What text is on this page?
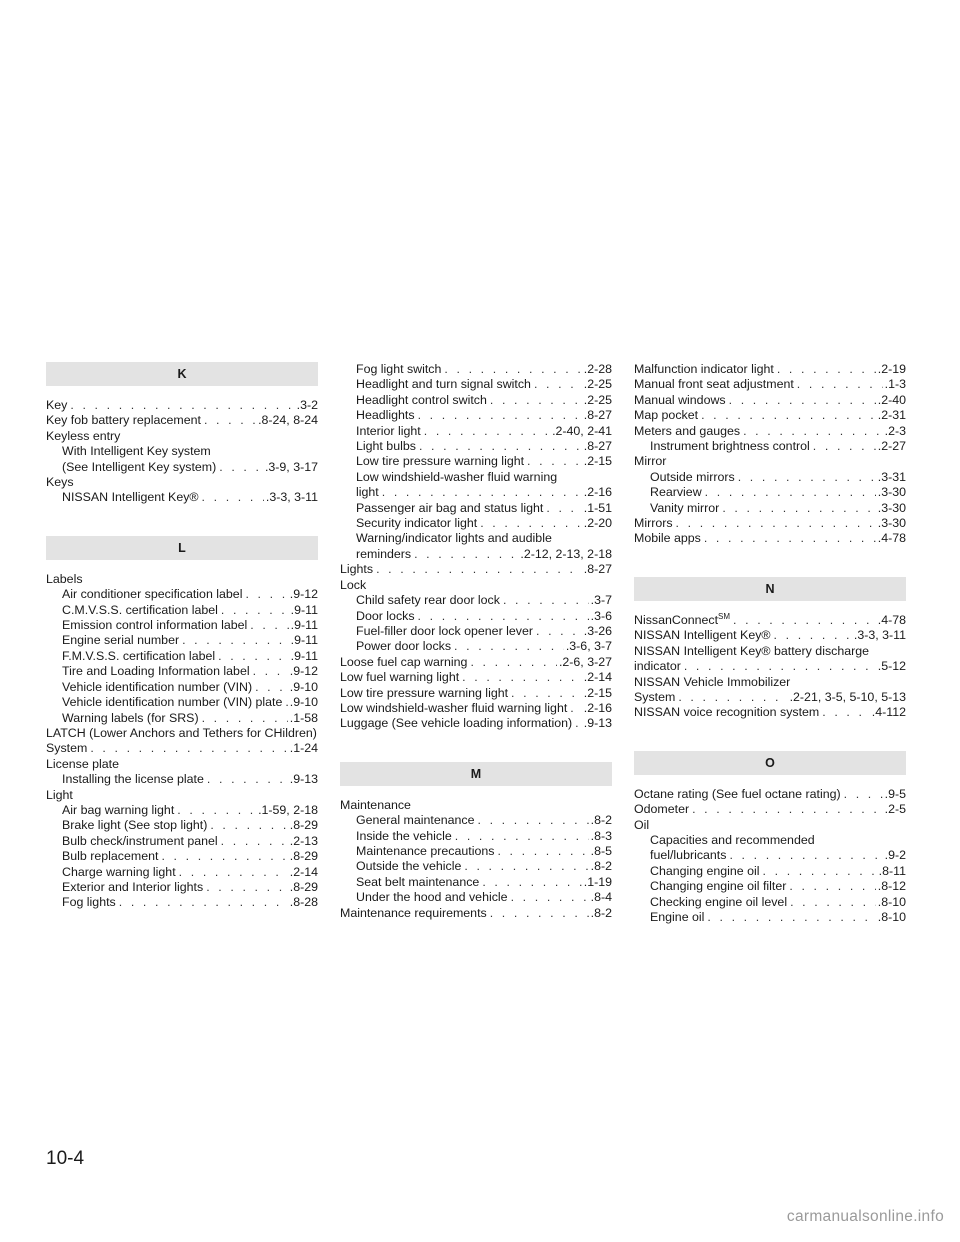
K
Key . . .	.3-2
Key fob battery replacement . . .	.8-24, 8-24
Keyless entry
With Intelligent Key system
(See Intelligent Key system) . . .	.3-9, 3-17
Keys
NISSAN Intelligent Key® . . .	.3-3, 3-11
L
Labels
Air conditioner specification label . . .	.9-12
C.M.V.S.S. certification label . . .	.9-11
Emission control information label . . .	.9-11
Engine serial number . . .	.9-11
F.M.V.S.S. certification label . . .	.9-11
Tire and Loading Information label . . .	.9-12
Vehicle identification number (VIN) . . .	.9-10
Vehicle identification number (VIN) plate . . . .9-10
Warning labels (for SRS) . . .	.1-58
LATCH (Lower Anchors and Tethers for CHildren)
System . . .	.1-24
License plate
Installing the license plate . . .	.9-13
Light
Air bag warning light . . .	.1-59, 2-18
Brake light (See stop light) . . .	.8-29
Bulb check/instrument panel . . .	.2-13
Bulb replacement . . .	.8-29
Charge warning light . . .	.2-14
Exterior and Interior lights . . .	.8-29
Fog lights . . .	.8-28
Fog light switch . . .	.2-28
Headlight and turn signal switch . . .	.2-25
Headlight control switch . . .	.2-25
Headlights . . .	.8-27
Interior light . . .	.2-40, 2-41
Light bulbs . . .	.8-27
Low tire pressure warning light . . .	.2-15
Low windshield-washer fluid warning
light . . .	.2-16
Passenger air bag and status light . . .	.1-51
Security indicator light . . .	.2-20
Warning/indicator lights and audible
reminders . . .	.2-12, 2-13, 2-18
Lights . . .	.8-27
Lock
Child safety rear door lock . . .	.3-7
Door locks . . .	.3-6
Fuel-filler door lock opener lever . . .	.3-26
Power door locks . . .	.3-6, 3-7
Loose fuel cap warning . . .	.2-6, 3-27
Low fuel warning light . . .	.2-14
Low tire pressure warning light . . .	.2-15
Low windshield-washer fluid warning light . . . .2-16
Luggage (See vehicle loading information) . . . .9-13
M
Maintenance
General maintenance . . .	.8-2
Inside the vehicle . . .	.8-3
Maintenance precautions . . .	.8-5
Outside the vehicle . . .	.8-2
Seat belt maintenance . . .	.1-19
Under the hood and vehicle . . .	.8-4
Maintenance requirements . . .	.8-2
Malfunction indicator light . . .	.2-19
Manual front seat adjustment . . .	.1-3
Manual windows . . .	.2-40
Map pocket . . .	.2-31
Meters and gauges . . .	.2-3
Instrument brightness control . . .	.2-27
Mirror
Outside mirrors . . .	.3-31
Rearview . . .	.3-30
Vanity mirror . . .	.3-30
Mirrors . . .	.3-30
Mobile apps . . .	.4-78
N
NissanConnect℠ . . .	.4-78
NISSAN Intelligent Key® . . .	.3-3, 3-11
NISSAN Intelligent Key® battery discharge
indicator . . .	.5-12
NISSAN Vehicle Immobilizer
System . . .	.2-21, 3-5, 5-10, 5-13
NISSAN voice recognition system . . .	.4-112
O
Octane rating (See fuel octane rating) . . .	.9-5
Odometer . . .	.2-5
Oil
Capacities and recommended
fuel/lubricants . . .	.9-2
Changing engine oil . . .	.8-11
Changing engine oil filter . . .	.8-12
Checking engine oil level . . .	.8-10
Engine oil . . .	.8-10
10-4
carmanualsonline.info
